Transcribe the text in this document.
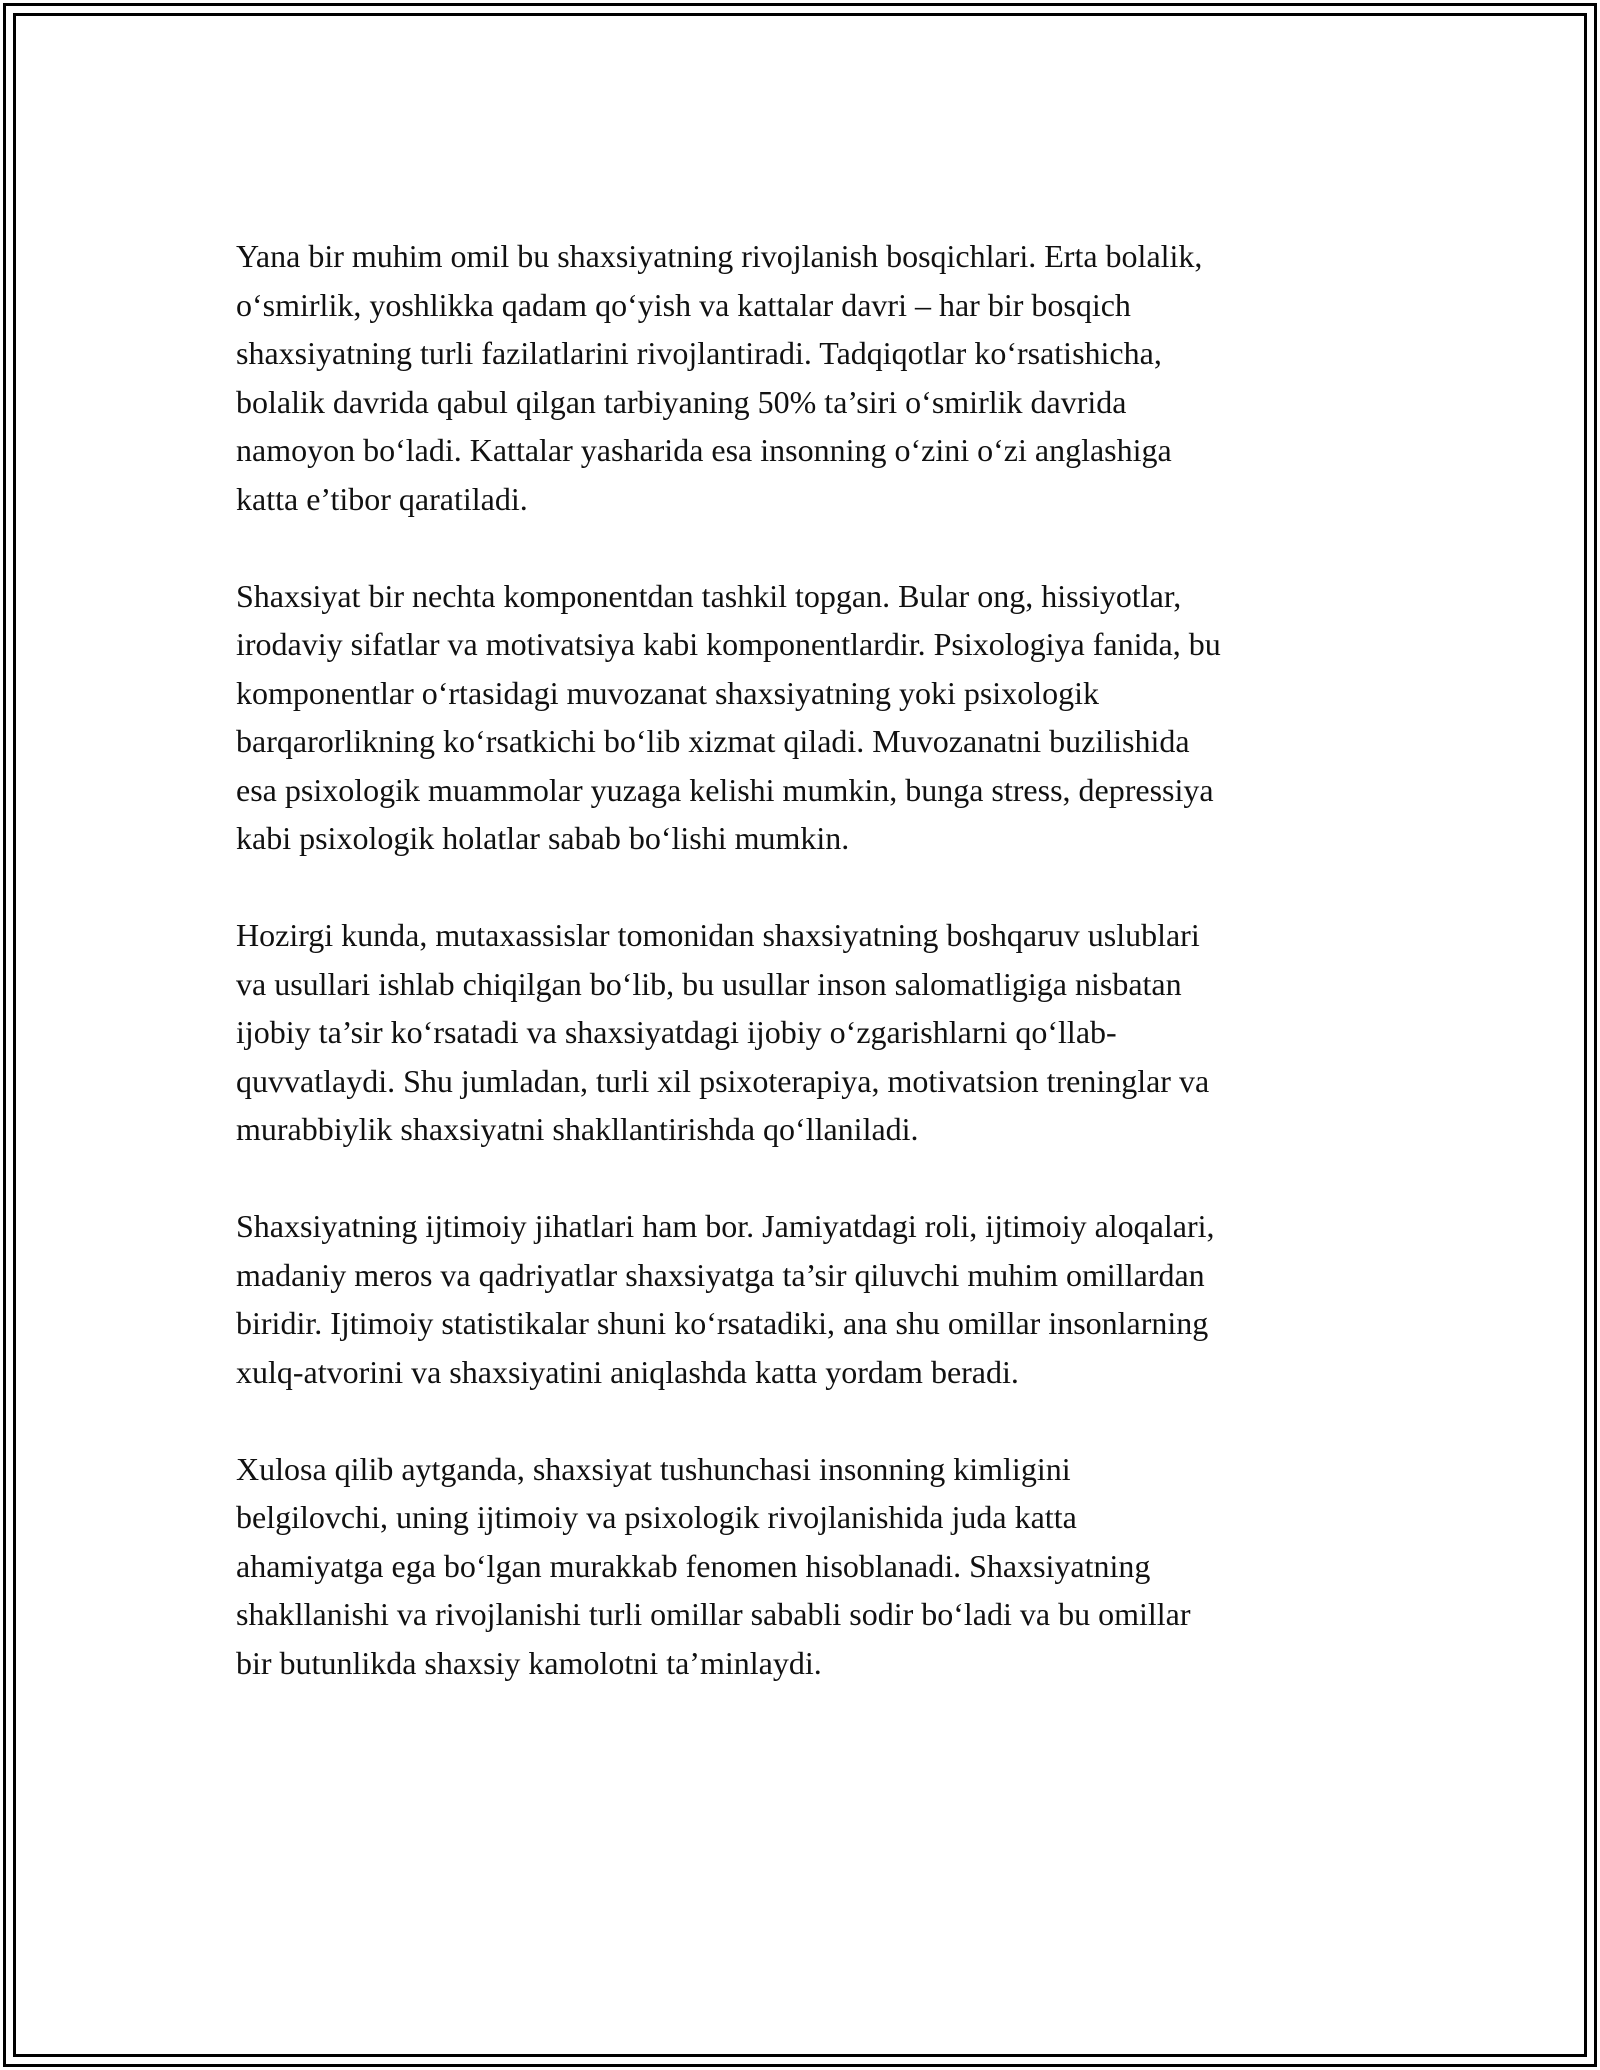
Yana bir muhim omil bu shaxsiyatning rivojlanish bosqichlari. Erta bolalik,
o‘smirlik, yoshlikka qadam qo‘yish va kattalar davri – har bir bosqich
shaxsiyatning turli fazilatlarini rivojlantiradi. Tadqiqotlar ko‘rsatishicha,
bolalik davrida qabul qilgan tarbiyaning 50% ta’siri o‘smirlik davrida
namoyon bo‘ladi. Kattalar yasharida esa insonning o‘zini o‘zi anglashiga
katta e’tibor qaratiladi.

Shaxsiyat bir nechta komponentdan tashkil topgan. Bular ong, hissiyotlar,
irodaviy sifatlar va motivatsiya kabi komponentlardir. Psixologiya fanida, bu
komponentlar o‘rtasidagi muvozanat shaxsiyatning yoki psixologik
barqarorlikning ko‘rsatkichi bo‘lib xizmat qiladi. Muvozanatni buzilishida
esa psixologik muammolar yuzaga kelishi mumkin, bunga stress, depressiya
kabi psixologik holatlar sabab bo‘lishi mumkin.

Hozirgi kunda, mutaxassislar tomonidan shaxsiyatning boshqaruv uslublari
va usullari ishlab chiqilgan bo‘lib, bu usullar inson salomatligiga nisbatan
ijobiy ta’sir ko‘rsatadi va shaxsiyatdagi ijobiy o‘zgarishlarni qo‘llab-
quvvatlaydi. Shu jumladan, turli xil psixoterapiya, motivatsion treninglar va
murabbiylik shaxsiyatni shakllantirishda qo‘llaniladi.

Shaxsiyatning ijtimoiy jihatlari ham bor. Jamiyatdagi roli, ijtimoiy aloqalari,
madaniy meros va qadriyatlar shaxsiyatga ta’sir qiluvchi muhim omillardan
biridir. Ijtimoiy statistikalar shuni ko‘rsatadiki, ana shu omillar insonlarning
xulq-atvorini va shaxsiyatini aniqlashda katta yordam beradi.

Xulosa qilib aytganda, shaxsiyat tushunchasi insonning kimligini
belgilovchi, uning ijtimoiy va psixologik rivojlanishida juda katta
ahamiyatga ega bo‘lgan murakkab fenomen hisoblanadi. Shaxsiyatning
shakllanishi va rivojlanishi turli omillar sababli sodir bo‘ladi va bu omillar
bir butunlikda shaxsiy kamolotni ta’minlaydi.
